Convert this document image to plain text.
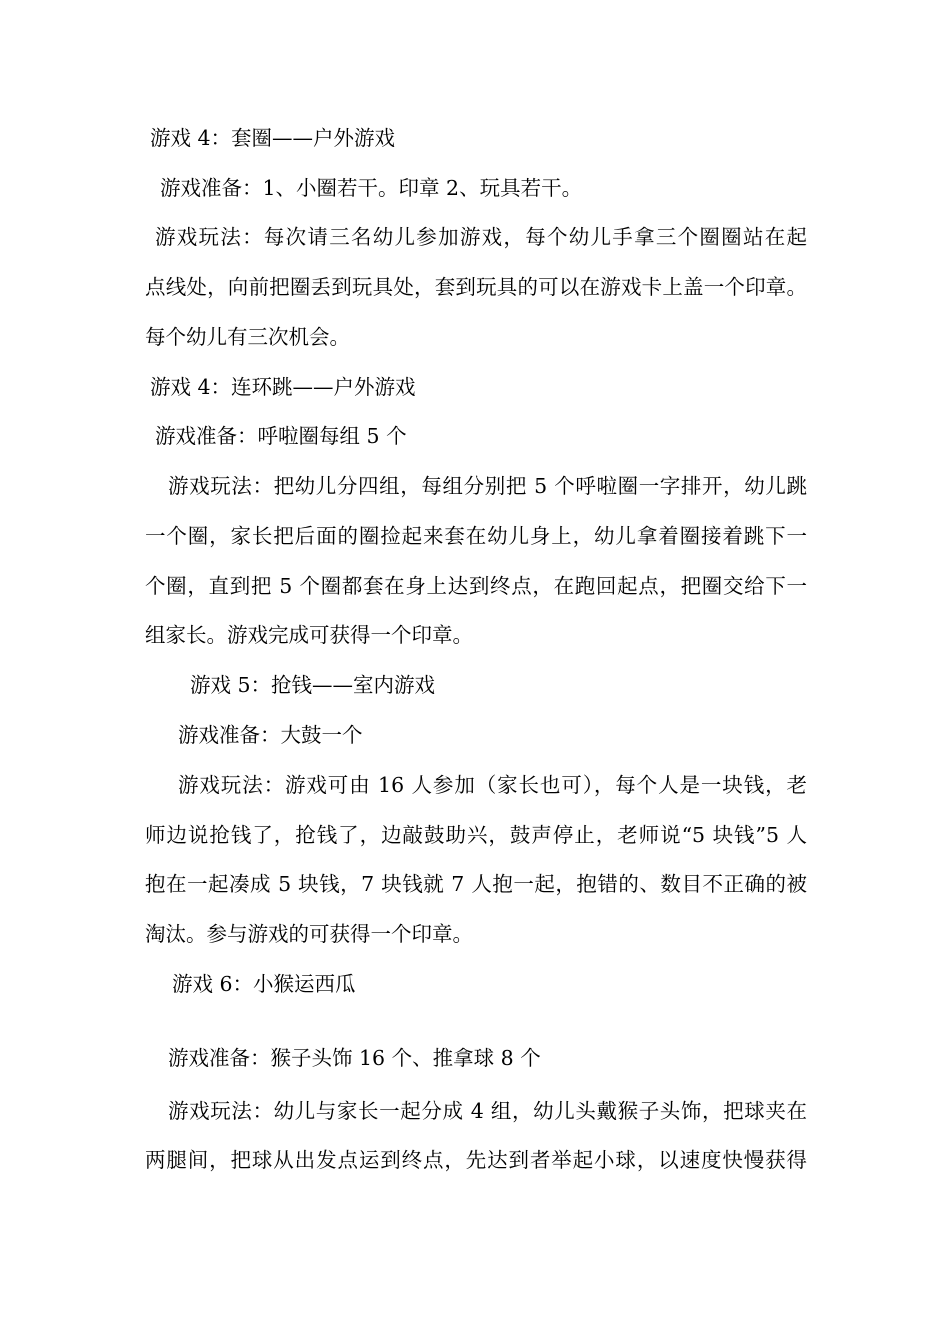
游戏 4：套圈——户外游戏
游戏准备：1、小圈若干。印章 2、玩具若干。
游戏玩法：每次请三名幼儿参加游戏，每个幼儿手拿三个圈圈站在起
点线处，向前把圈丢到玩具处，套到玩具的可以在游戏卡上盖一个印章。
每个幼儿有三次机会。
游戏 4：连环跳——户外游戏
游戏准备：呼啦圈每组 5 个
游戏玩法：把幼儿分四组，每组分别把 5 个呼啦圈一字排开，幼儿跳
一个圈，家长把后面的圈捡起来套在幼儿身上，幼儿拿着圈接着跳下一
个圈，直到把 5 个圈都套在身上达到终点，在跑回起点，把圈交给下一
组家长。游戏完成可获得一个印章。
游戏 5：抢钱——室内游戏
游戏准备：大鼓一个
游戏玩法：游戏可由 16 人参加（家长也可），每个人是一块钱，老
师边说抢钱了，抢钱了，边敲鼓助兴，鼓声停止，老师说“5 块钱”5 人
抱在一起凑成 5 块钱，7 块钱就 7 人抱一起，抱错的、数目不正确的被
淘汰。参与游戏的可获得一个印章。
游戏 6：小猴运西瓜
游戏准备：猴子头饰 16 个、推拿球 8 个
游戏玩法：幼儿与家长一起分成 4 组，幼儿头戴猴子头饰，把球夹在
两腿间，把球从出发点运到终点，先达到者举起小球，以速度快慢获得
